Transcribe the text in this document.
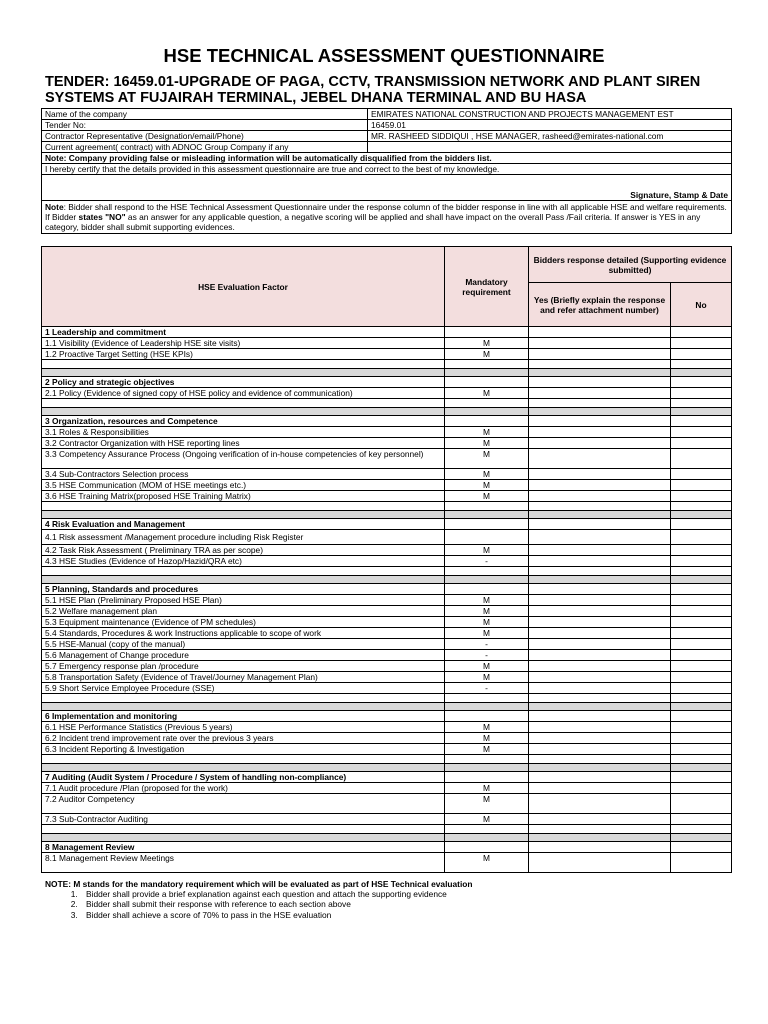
HSE TECHNICAL ASSESSMENT QUESTIONNAIRE
TENDER: 16459.01-UPGRADE OF PAGA, CCTV, TRANSMISSION NETWORK AND PLANT SIREN SYSTEMS AT FUJAIRAH TERMINAL, JEBEL DHANA TERMINAL AND BU HASA
Name of the company	EMIRATES NATIONAL CONSTRUCTION AND PROJECTS MANAGEMENT EST
Tender No:	16459.01
Contractor Representative (Designation/email/Phone)	MR. RASHEED SIDDIQUI , HSE MANAGER, rasheed@emirates-national.com
Current agreement( contract) with ADNOC Group Company if any	
Note: Company providing false or misleading information will be automatically disqualified from the bidders list.	
I hereby certify that the details provided in this assessment questionnaire are true and correct to the best of my knowledge.	
Signature, Stamp & Date	
Note: Bidder shall respond to the HSE Technical Assessment Questionnaire under the response column of the bidder response in line with all applicable HSE and welfare requirements. If Bidder states "NO" as an answer for any applicable question, a negative scoring will be applied and shall have impact on the overall Pass /Fail criteria. If answer is YES in any category, bidder shall submit supporting evidences.	
HSE Evaluation Factor	Mandatory requirement	Bidders response detailed (Supporting evidence submitted)	
		Yes (Briefly explain the response and refer attachment number)	No
1 Leadership and commitment			
1.1 Visibility (Evidence of Leadership HSE site visits)	M		
1.2 Proactive Target Setting (HSE KPIs)	M		

2 Policy and strategic objectives			
2.1 Policy (Evidence of signed copy of HSE policy and evidence of communication)	M		

3 Organization, resources and Competence			
3.1 Roles & Responsibilities	M		
3.2 Contractor Organization with HSE reporting lines	M		
3.3 Competency Assurance Process (Ongoing verification of in-house competencies of key personnel)	M		
3.4 Sub-Contractors Selection process	M		
3.5 HSE Communication (MOM of HSE meetings etc.)	M		
3.6 HSE Training Matrix(proposed HSE Training Matrix)	M		

4 Risk Evaluation and Management			
4.1 Risk assessment /Management procedure including Risk Register			
4.2 Task Risk Assessment ( Preliminary TRA as per scope)	M		
4.3 HSE Studies (Evidence of Hazop/Hazid/QRA etc)	-		

5 Planning, Standards and procedures			
5.1 HSE Plan (Preliminary Proposed HSE Plan)	M		
5.2 Welfare management plan	M		
5.3 Equipment maintenance (Evidence of PM schedules)	M		
5.4 Standards, Procedures & work Instructions applicable to scope of work	M		
5.5 HSE-Manual (copy of the manual)	-		
5.6 Management of Change procedure	-		
5.7 Emergency response plan /procedure	M		
5.8 Transportation Safety (Evidence of Travel/Journey Management Plan)	M		
5.9 Short Service Employee Procedure (SSE)	-		

6 Implementation and monitoring			
6.1 HSE Performance Statistics (Previous 5 years)	M		
6.2 Incident trend improvement rate over the previous 3 years	M		
6.3 Incident Reporting & Investigation	M		

7 Auditing (Audit System / Procedure / System of handling non-compliance)			
7.1 Audit procedure /Plan (proposed for the work)	M		
7.2 Auditor Competency	M		
7.3 Sub-Contractor Auditing	M		

8 Management Review			
8.1 Management Review Meetings	M		
NOTE: M stands for the mandatory requirement which will be evaluated as part of HSE Technical evaluation
1. Bidder shall provide a brief explanation against each question and attach the supporting evidence
2. Bidder shall submit their response with reference to each section above
3. Bidder shall achieve a score of 70% to pass in the HSE evaluation
